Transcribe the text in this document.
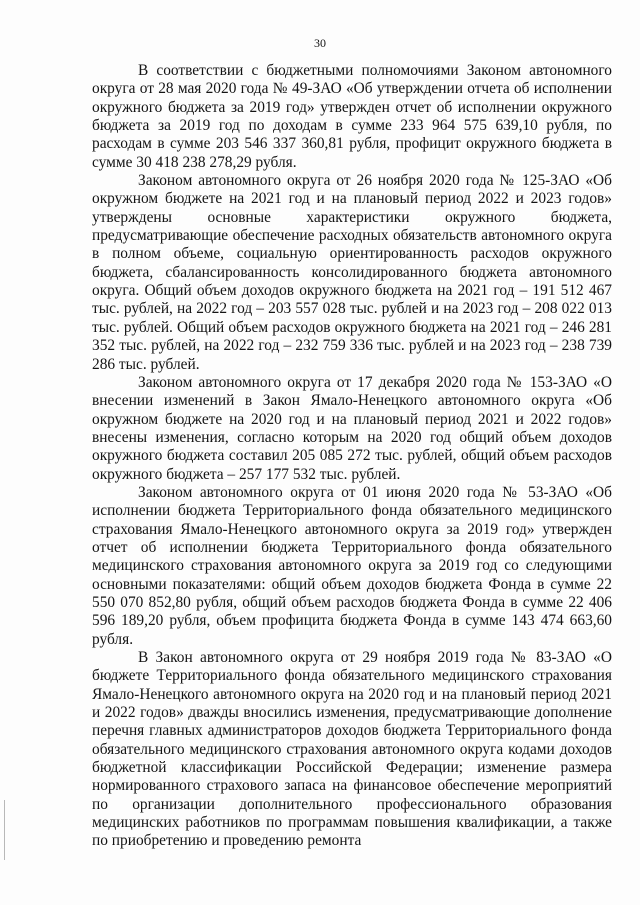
30

В соответствии с бюджетными полномочиями Законом автономного округа от 28 мая 2020 года № 49-ЗАО «Об утверждении отчета об исполнении окружного бюджета за 2019 год» утвержден отчет об исполнении окружного бюджета за 2019 год по доходам в сумме 233 964 575 639,10 рубля, по расходам в сумме 203 546 337 360,81 рубля, профицит окружного бюджета в сумме 30 418 238 278,29 рубля.

Законом автономного округа от 26 ноября 2020 года № 125-ЗАО «Об окружном бюджете на 2021 год и на плановый период 2022 и 2023 годов» утверждены основные характеристики окружного бюджета, предусматривающие обеспечение расходных обязательств автономного округа в полном объеме, социальную ориентированность расходов окружного бюджета, сбалансированность консолидированного бюджета автономного округа. Общий объем доходов окружного бюджета на 2021 год – 191 512 467 тыс. рублей, на 2022 год – 203 557 028 тыс. рублей и на 2023 год – 208 022 013 тыс. рублей. Общий объем расходов окружного бюджета на 2021 год – 246 281 352 тыс. рублей, на 2022 год – 232 759 336 тыс. рублей и на 2023 год – 238 739 286 тыс. рублей.

Законом автономного округа от 17 декабря 2020 года № 153-ЗАО «О внесении изменений в Закон Ямало-Ненецкого автономного округа «Об окружном бюджете на 2020 год и на плановый период 2021 и 2022 годов» внесены изменения, согласно которым на 2020 год общий объем доходов окружного бюджета составил 205 085 272 тыс. рублей, общий объем расходов окружного бюджета – 257 177 532 тыс. рублей.

Законом автономного округа от 01 июня 2020 года № 53-ЗАО «Об исполнении бюджета Территориального фонда обязательного медицинского страхования Ямало-Ненецкого автономного округа за 2019 год» утвержден отчет об исполнении бюджета Территориального фонда обязательного медицинского страхования автономного округа за 2019 год со следующими основными показателями: общий объем доходов бюджета Фонда в сумме 22 550 070 852,80 рубля, общий объем расходов бюджета Фонда в сумме 22 406 596 189,20 рубля, объем профицита бюджета Фонда в сумме 143 474 663,60 рубля.

В Закон автономного округа от 29 ноября 2019 года № 83-ЗАО «О бюджете Территориального фонда обязательного медицинского страхования Ямало-Ненецкого автономного округа на 2020 год и на плановый период 2021 и 2022 годов» дважды вносились изменения, предусматривающие дополнение перечня главных администраторов доходов бюджета Территориального фонда обязательного медицинского страхования автономного округа кодами доходов бюджетной классификации Российской Федерации; изменение размера нормированного страхового запаса на финансовое обеспечение мероприятий по организации дополнительного профессионального образования медицинских работников по программам повышения квалификации, а также по приобретению и проведению ремонта
